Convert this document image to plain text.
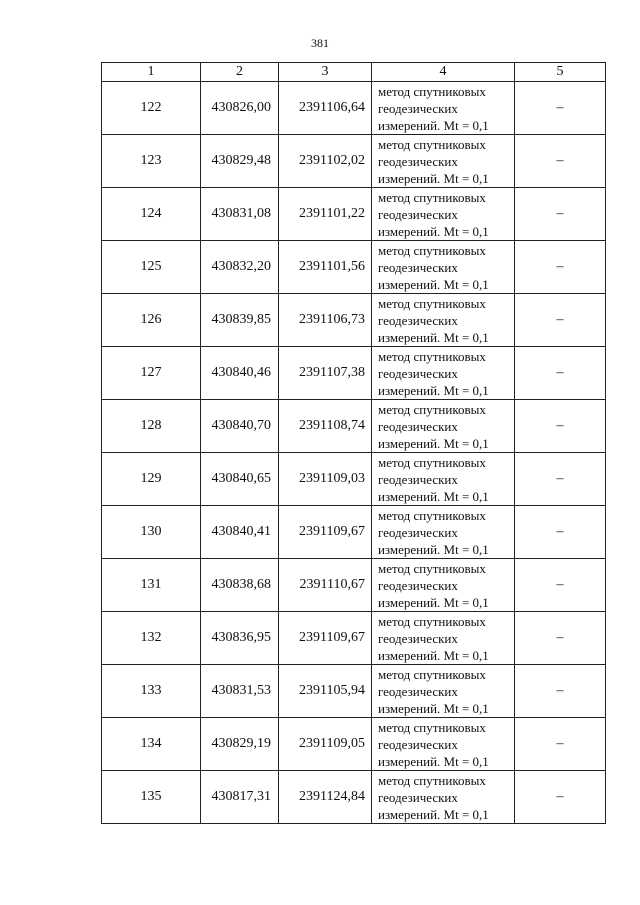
381
1	2	3	4	5
122	430826,00	2391106,64	метод спутниковых
геодезических
измерений. Mt = 0,1	–
123	430829,48	2391102,02	метод спутниковых
геодезических
измерений. Mt = 0,1	–
124	430831,08	2391101,22	метод спутниковых
геодезических
измерений. Mt = 0,1	–
125	430832,20	2391101,56	метод спутниковых
геодезических
измерений. Mt = 0,1	–
126	430839,85	2391106,73	метод спутниковых
геодезических
измерений. Mt = 0,1	–
127	430840,46	2391107,38	метод спутниковых
геодезических
измерений. Mt = 0,1	–
128	430840,70	2391108,74	метод спутниковых
геодезических
измерений. Mt = 0,1	–
129	430840,65	2391109,03	метод спутниковых
геодезических
измерений. Mt = 0,1	–
130	430840,41	2391109,67	метод спутниковых
геодезических
измерений. Mt = 0,1	–
131	430838,68	2391110,67	метод спутниковых
геодезических
измерений. Mt = 0,1	–
132	430836,95	2391109,67	метод спутниковых
геодезических
измерений. Mt = 0,1	–
133	430831,53	2391105,94	метод спутниковых
геодезических
измерений. Mt = 0,1	–
134	430829,19	2391109,05	метод спутниковых
геодезических
измерений. Mt = 0,1	–
135	430817,31	2391124,84	метод спутниковых
геодезических
измерений. Mt = 0,1	–
